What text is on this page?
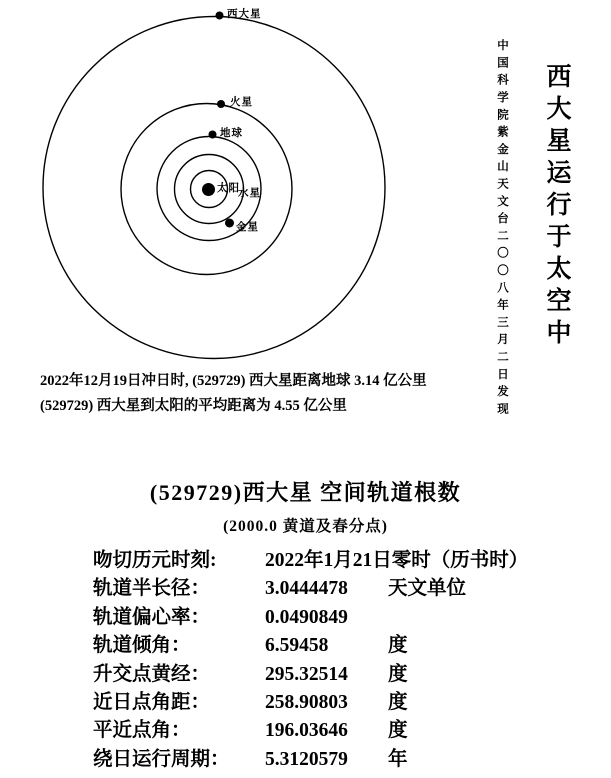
西大星
火星
地球
太阳
水星
金星
2022年12月19日冲日时, (529729) 西大星距离地球 3.14 亿公里
(529729) 西大星到太阳的平均距离为 4.55 亿公里
西大星运行于太空中
中国科学院紫金山天文台二〇〇八年三月二日发现
(529729)西大星 空间轨道根数
(2000.0 黄道及春分点)
吻切历元时刻: 2022年1月21日零时（历书时）
轨道半长径：	3.0444478 天文单位
轨道偏心率：	0.0490849
轨道倾角：	6.59458	度
升交点黄经：	295.32514 度
近日点角距：	258.90803 度
平近点角：	196.03646 度
绕日运行周期： 5.3120579 年
